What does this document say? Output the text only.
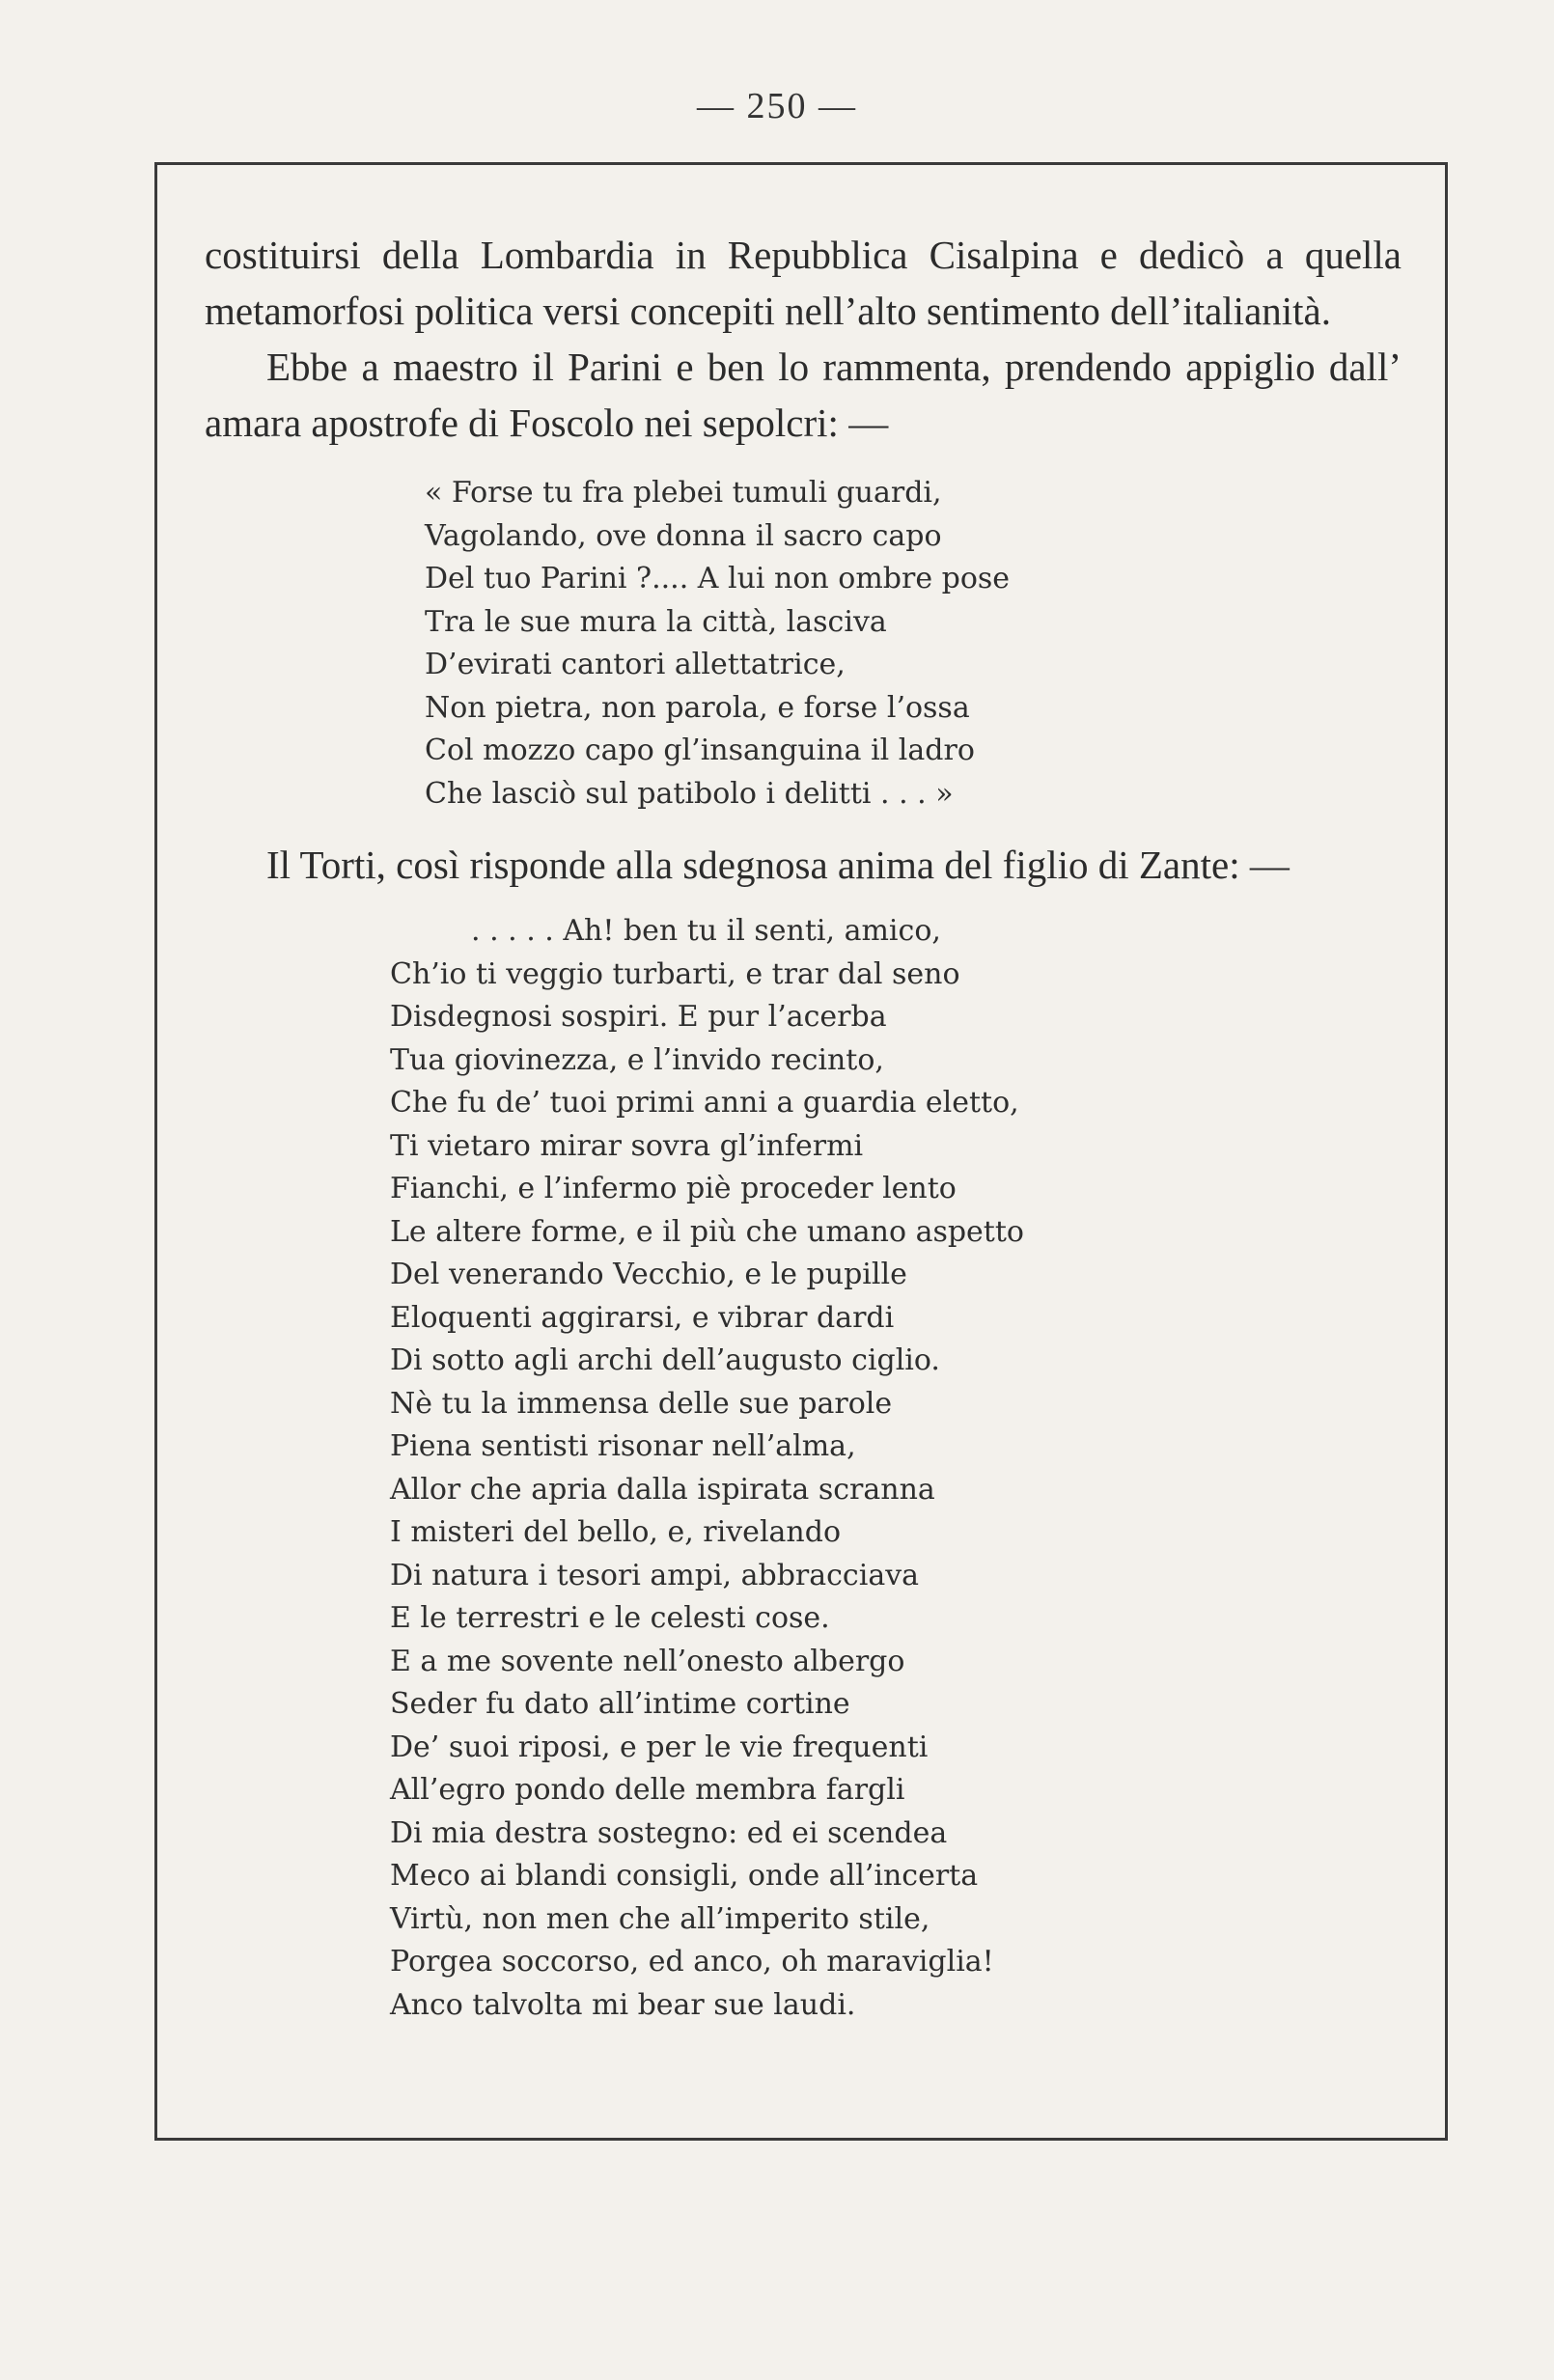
— 250 —

costituirsi della Lombardia in Repubblica Cisalpina e dedicò a quella metamorfosi politica versi concepiti nell’alto sentimento dell’italianità.

Ebbe a maestro il Parini e ben lo rammenta, prendendo appiglio dall’ amara apostrofe di Foscolo nei sepolcri: —

« Forse tu fra plebei tumuli guardi,
Vagolando, ove donna il sacro capo
Del tuo Parini ?.... A lui non ombre pose
Tra le sue mura la città, lasciva
D’evirati cantori allettatrice,
Non pietra, non parola, e forse l’ossa
Col mozzo capo gl’insanguina il ladro
Che lasciò sul patibolo i delitti . . . »

Il Torti, così risponde alla sdegnosa anima del figlio di Zante: —

. . . . . Ah! ben tu il senti, amico,
Ch’io ti veggio turbarti, e trar dal seno
Disdegnosi sospiri. E pur l’acerba
Tua giovinezza, e l’invido recinto,
Che fu de’ tuoi primi anni a guardia eletto,
Ti vietaro mirar sovra gl’infermi
Fianchi, e l’infermo piè proceder lento
Le altere forme, e il più che umano aspetto
Del venerando Vecchio, e le pupille
Eloquenti aggirarsi, e vibrar dardi
Di sotto agli archi dell’augusto ciglio.
Nè tu la immensa delle sue parole
Piena sentisti risonar nell’alma,
Allor che apria dalla ispirata scranna
I misteri del bello, e, rivelando
Di natura i tesori ampi, abbracciava
E le terrestri e le celesti cose.
E a me sovente nell’onesto albergo
Seder fu dato all’intime cortine
De’ suoi riposi, e per le vie frequenti
All’egro pondo delle membra fargli
Di mia destra sostegno: ed ei scendea
Meco ai blandi consigli, onde all’incerta
Virtù, non men che all’imperito stile,
Porgea soccorso, ed anco, oh maraviglia!
Anco talvolta mi bear sue laudi.
